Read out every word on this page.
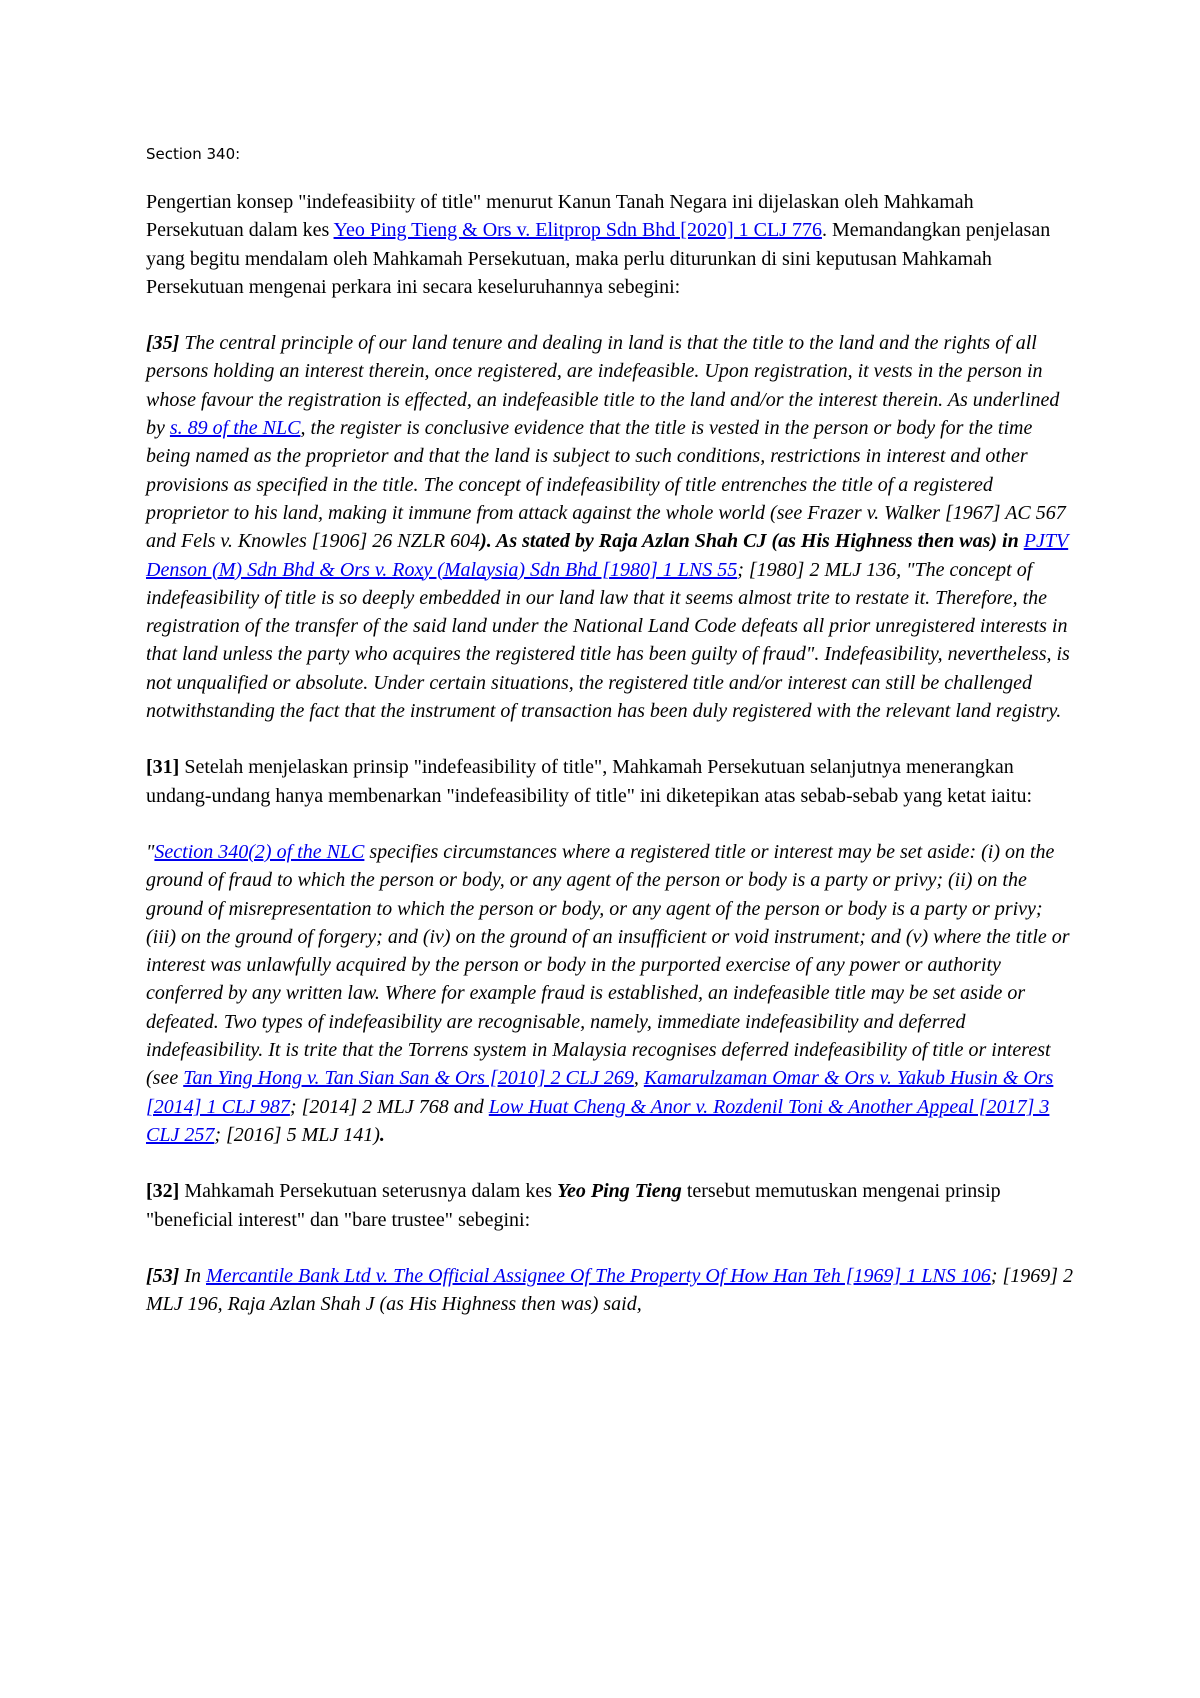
Section 340:

Pengertian konsep "indefeasibiity of title" menurut Kanun Tanah Negara ini dijelaskan oleh Mahkamah Persekutuan dalam kes Yeo Ping Tieng & Ors v. Elitprop Sdn Bhd [2020] 1 CLJ 776. Memandangkan penjelasan yang begitu mendalam oleh Mahkamah Persekutuan, maka perlu diturunkan di sini keputusan Mahkamah Persekutuan mengenai perkara ini secara keseluruhannya sebegini:

[35] The central principle of our land tenure and dealing in land is that the title to the land and the rights of all persons holding an interest therein, once registered, are indefeasible. Upon registration, it vests in the person in whose favour the registration is effected, an indefeasible title to the land and/or the interest therein. As underlined by s. 89 of the NLC, the register is conclusive evidence that the title is vested in the person or body for the time being named as the proprietor and that the land is subject to such conditions, restrictions in interest and other provisions as specified in the title. The concept of indefeasibility of title entrenches the title of a registered proprietor to his land, making it immune from attack against the whole world (see Frazer v. Walker [1967] AC 567 and Fels v. Knowles [1906] 26 NZLR 604). As stated by Raja Azlan Shah CJ (as His Highness then was) in PJTV Denson (M) Sdn Bhd & Ors v. Roxy (Malaysia) Sdn Bhd [1980] 1 LNS 55; [1980] 2 MLJ 136, "The concept of indefeasibility of title is so deeply embedded in our land law that it seems almost trite to restate it. Therefore, the registration of the transfer of the said land under the National Land Code defeats all prior unregistered interests in that land unless the party who acquires the registered title has been guilty of fraud". Indefeasibility, nevertheless, is not unqualified or absolute. Under certain situations, the registered title and/or interest can still be challenged notwithstanding the fact that the instrument of transaction has been duly registered with the relevant land registry.

[31] Setelah menjelaskan prinsip "indefeasibility of title", Mahkamah Persekutuan selanjutnya menerangkan undang-undang hanya membenarkan "indefeasibility of title" ini diketepikan atas sebab-sebab yang ketat iaitu:

"Section 340(2) of the NLC specifies circumstances where a registered title or interest may be set aside: (i) on the ground of fraud to which the person or body, or any agent of the person or body is a party or privy; (ii) on the ground of misrepresentation to which the person or body, or any agent of the person or body is a party or privy; (iii) on the ground of forgery; and (iv) on the ground of an insufficient or void instrument; and (v) where the title or interest was unlawfully acquired by the person or body in the purported exercise of any power or authority conferred by any written law. Where for example fraud is established, an indefeasible title may be set aside or defeated. Two types of indefeasibility are recognisable, namely, immediate indefeasibility and deferred indefeasibility. It is trite that the Torrens system in Malaysia recognises deferred indefeasibility of title or interest (see Tan Ying Hong v. Tan Sian San & Ors [2010] 2 CLJ 269, Kamarulzaman Omar & Ors v. Yakub Husin & Ors [2014] 1 CLJ 987; [2014] 2 MLJ 768 and Low Huat Cheng & Anor v. Rozdenil Toni & Another Appeal [2017] 3 CLJ 257; [2016] 5 MLJ 141).

[32] Mahkamah Persekutuan seterusnya dalam kes Yeo Ping Tieng tersebut memutuskan mengenai prinsip "beneficial interest" dan "bare trustee" sebegini:

[53] In Mercantile Bank Ltd v. The Official Assignee Of The Property Of How Han Teh [1969] 1 LNS 106; [1969] 2 MLJ 196, Raja Azlan Shah J (as His Highness then was) said,
